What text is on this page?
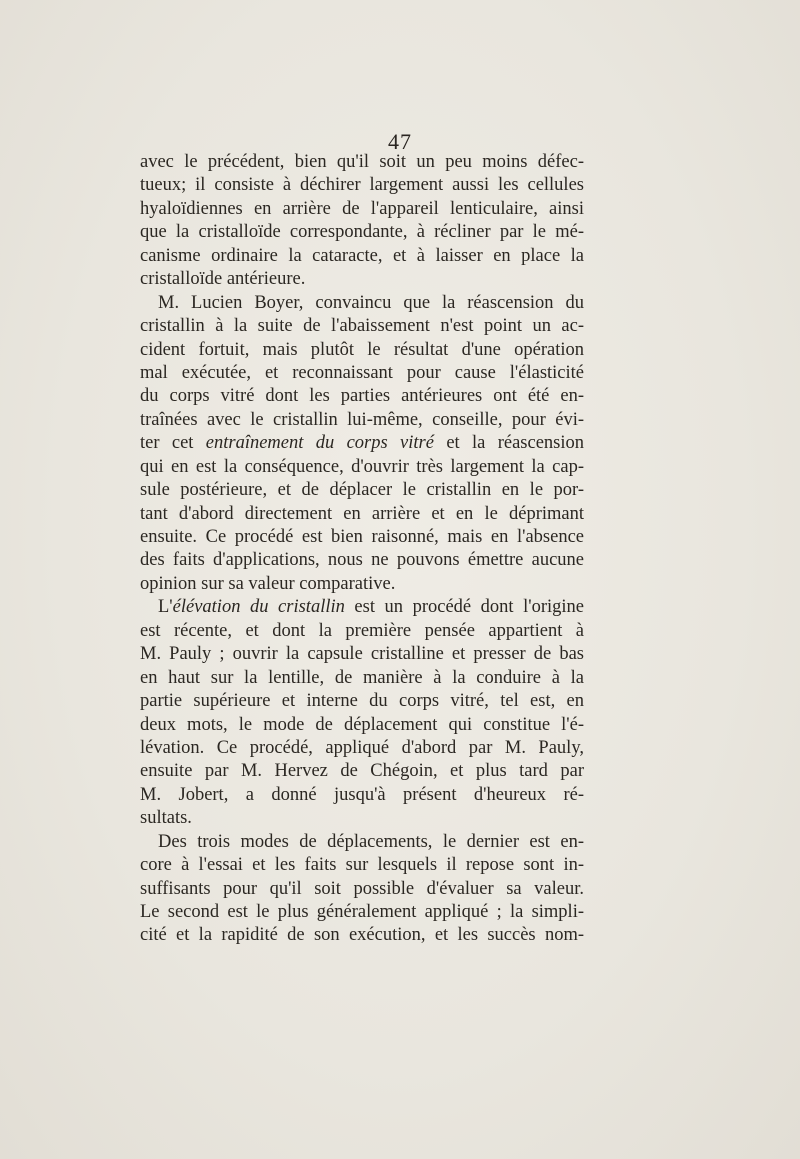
47
avec le précédent, bien qu'il soit un peu moins défec-
tueux; il consiste à déchirer largement aussi les cellules
hyaloïdiennes en arrière de l'appareil lenticulaire, ainsi
que la cristalloïde correspondante, à récliner par le mé-
canisme ordinaire la cataracte, et à laisser en place la
cristalloïde antérieure.
M. Lucien Boyer, convaincu que la réascension du
cristallin à la suite de l'abaissement n'est point un ac-
cident fortuit, mais plutôt le résultat d'une opération
mal exécutée, et reconnaissant pour cause l'élasticité
du corps vitré dont les parties antérieures ont été en-
traînées avec le cristallin lui-même, conseille, pour évi-
ter cet entraînement du corps vitré et la réascension
qui en est la conséquence, d'ouvrir très largement la cap-
sule postérieure, et de déplacer le cristallin en le por-
tant d'abord directement en arrière et en le déprimant
ensuite. Ce procédé est bien raisonné, mais en l'absence
des faits d'applications, nous ne pouvons émettre aucune
opinion sur sa valeur comparative.
L'élévation du cristallin est un procédé dont l'origine
est récente, et dont la première pensée appartient à
M. Pauly ; ouvrir la capsule cristalline et presser de bas
en haut sur la lentille, de manière à la conduire à la
partie supérieure et interne du corps vitré, tel est, en
deux mots, le mode de déplacement qui constitue l'é-
lévation. Ce procédé, appliqué d'abord par M. Pauly,
ensuite par M. Hervez de Chégoin, et plus tard par
M. Jobert, a donné jusqu'à présent d'heureux ré-
sultats.
Des trois modes de déplacements, le dernier est en-
core à l'essai et les faits sur lesquels il repose sont in-
suffisants pour qu'il soit possible d'évaluer sa valeur.
Le second est le plus généralement appliqué ; la simpli-
cité et la rapidité de son exécution, et les succès nom-
